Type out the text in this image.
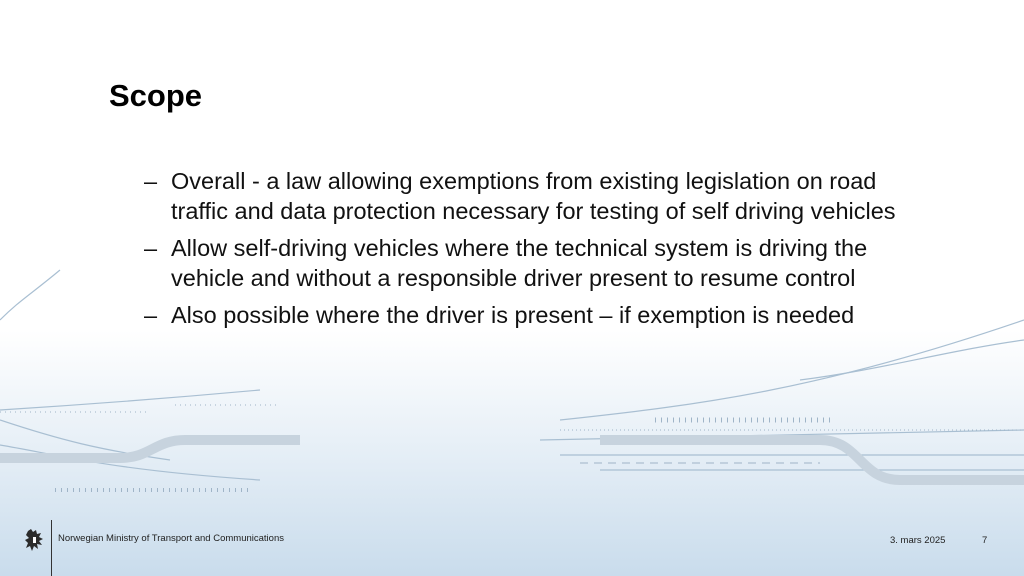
Scope
– Overall - a law allowing exemptions from existing legislation on road traffic and data protection necessary for testing of self driving vehicles
– Allow self-driving vehicles where the technical system is driving the vehicle and without a responsible driver present to resume control
– Also possible where the driver is present – if exemption is needed
Norwegian Ministry of Transport and Communications	3. mars 2025	7
